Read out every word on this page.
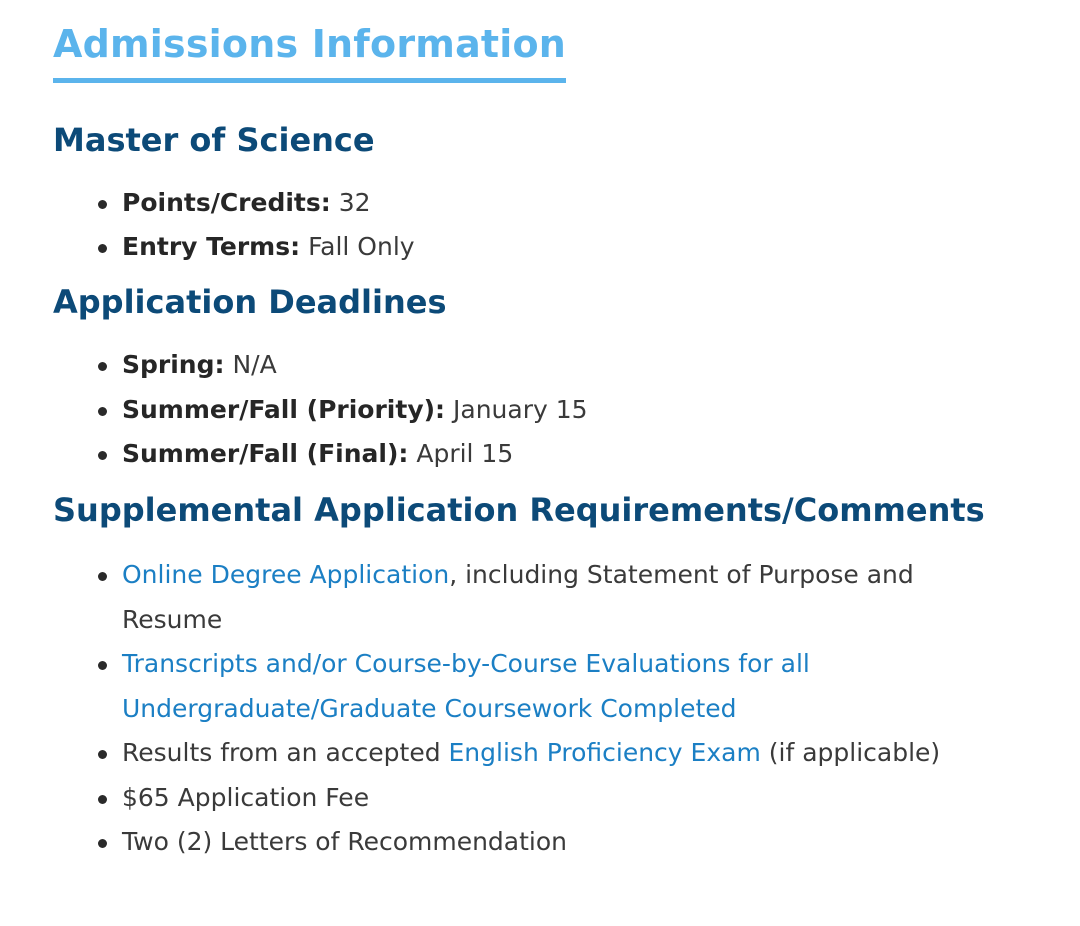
Admissions Information
Master of Science
Points/Credits: 32
Entry Terms: Fall Only
Application Deadlines
Spring: N/A
Summer/Fall (Priority): January 15
Summer/Fall (Final): April 15
Supplemental Application Requirements/Comments
Online Degree Application, including Statement of Purpose and Resume
Transcripts and/or Course-by-Course Evaluations for all Undergraduate/Graduate Coursework Completed
Results from an accepted English Proficiency Exam (if applicable)
$65 Application Fee
Two (2) Letters of Recommendation
